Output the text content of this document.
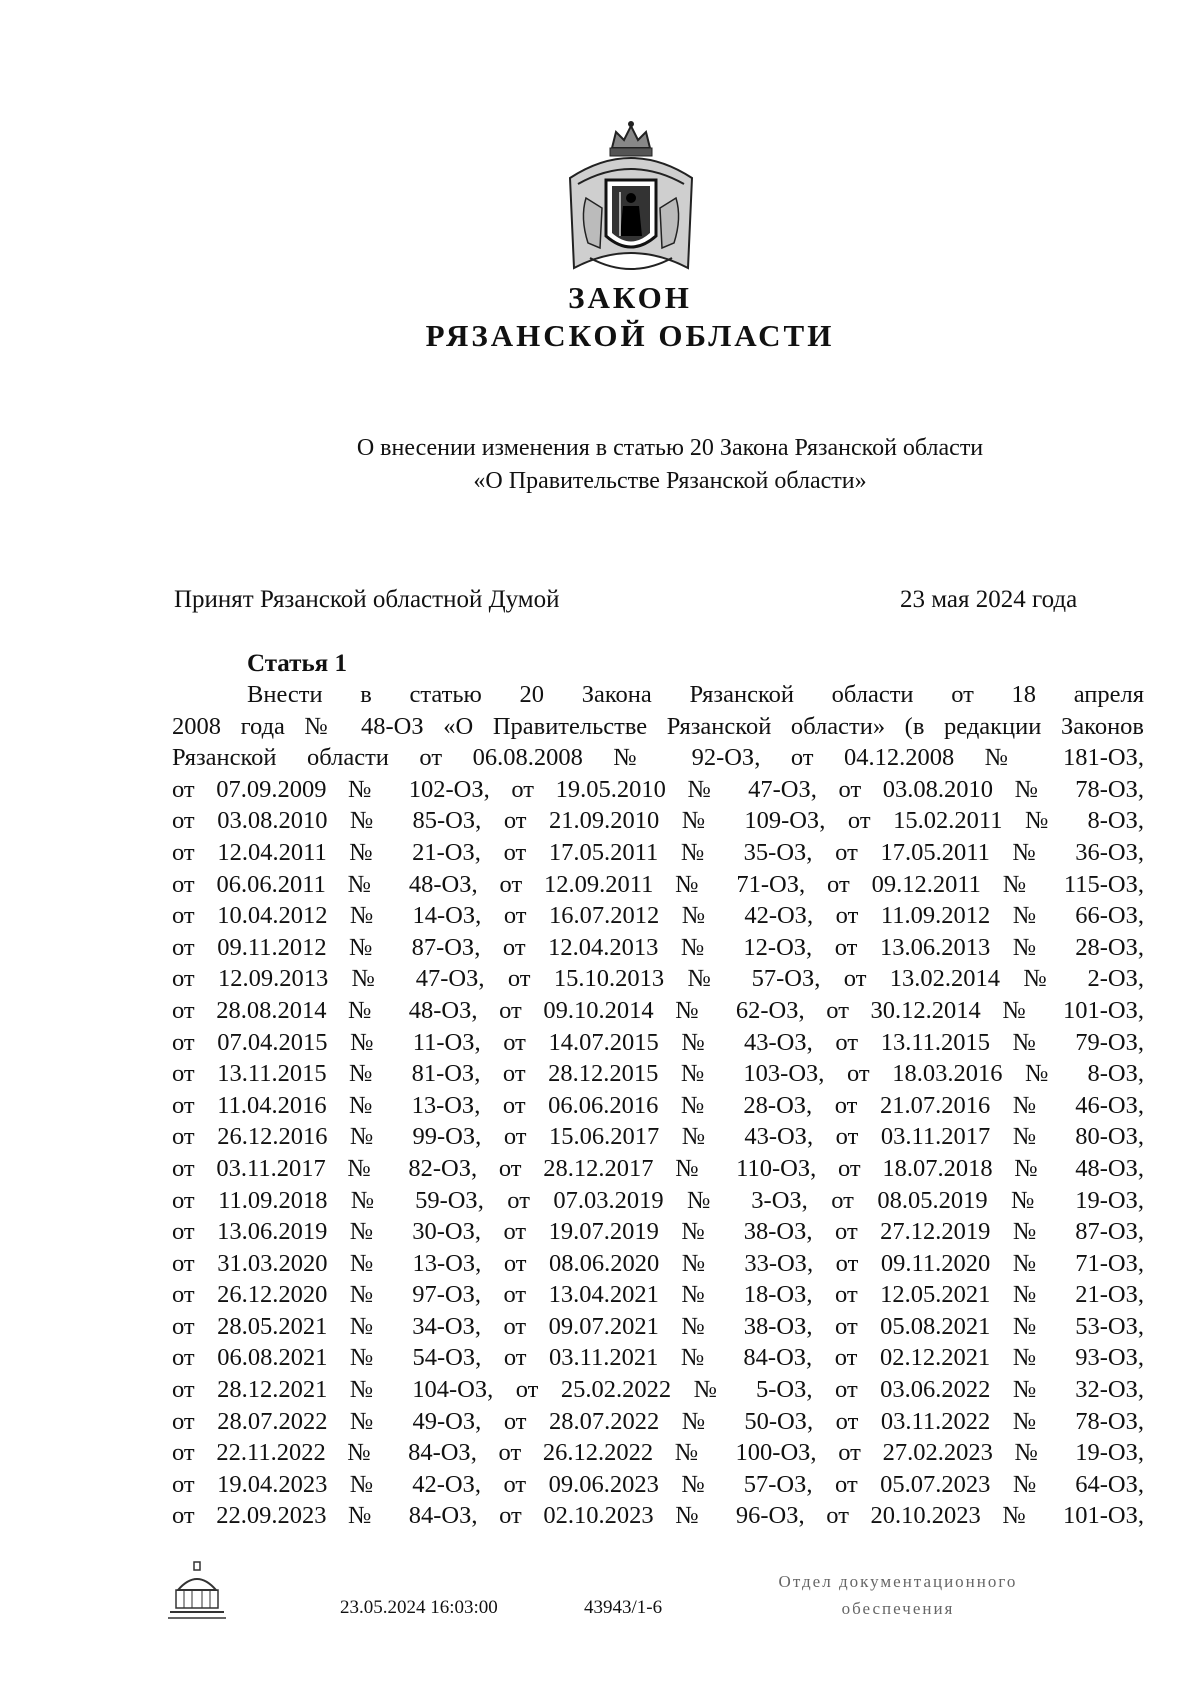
ЗАКОН
РЯЗАНСКОЙ ОБЛАСТИ
О внесении изменения в статью 20 Закона Рязанской области
«О Правительстве Рязанской области»
Принят Рязанской областной Думой	23 мая 2024 года
Статья 1
Внести в статью 20 Закона Рязанской области от 18 апреля
2008 года № 48-ОЗ «О Правительстве Рязанской области» (в редакции Законов
Рязанской области от 06.08.2008 № 92-ОЗ, от 04.12.2008 № 181-ОЗ,
от 07.09.2009 № 102-ОЗ, от 19.05.2010 № 47-ОЗ, от 03.08.2010 № 78-ОЗ,
от 03.08.2010 № 85-ОЗ, от 21.09.2010 № 109-ОЗ, от 15.02.2011 № 8-ОЗ,
от 12.04.2011 № 21-ОЗ, от 17.05.2011 № 35-ОЗ, от 17.05.2011 № 36-ОЗ,
от 06.06.2011 № 48-ОЗ, от 12.09.2011 № 71-ОЗ, от 09.12.2011 № 115-ОЗ,
от 10.04.2012 № 14-ОЗ, от 16.07.2012 № 42-ОЗ, от 11.09.2012 № 66-ОЗ,
от 09.11.2012 № 87-ОЗ, от 12.04.2013 № 12-ОЗ, от 13.06.2013 № 28-ОЗ,
от 12.09.2013 № 47-ОЗ, от 15.10.2013 № 57-ОЗ, от 13.02.2014 № 2-ОЗ,
от 28.08.2014 № 48-ОЗ, от 09.10.2014 № 62-ОЗ, от 30.12.2014 № 101-ОЗ,
от 07.04.2015 № 11-ОЗ, от 14.07.2015 № 43-ОЗ, от 13.11.2015 № 79-ОЗ,
от 13.11.2015 № 81-ОЗ, от 28.12.2015 № 103-ОЗ, от 18.03.2016 № 8-ОЗ,
от 11.04.2016 № 13-ОЗ, от 06.06.2016 № 28-ОЗ, от 21.07.2016 № 46-ОЗ,
от 26.12.2016 № 99-ОЗ, от 15.06.2017 № 43-ОЗ, от 03.11.2017 № 80-ОЗ,
от 03.11.2017 № 82-ОЗ, от 28.12.2017 № 110-ОЗ, от 18.07.2018 № 48-ОЗ,
от 11.09.2018 № 59-ОЗ, от 07.03.2019 № 3-ОЗ, от 08.05.2019 № 19-ОЗ,
от 13.06.2019 № 30-ОЗ, от 19.07.2019 № 38-ОЗ, от 27.12.2019 № 87-ОЗ,
от 31.03.2020 № 13-ОЗ, от 08.06.2020 № 33-ОЗ, от 09.11.2020 № 71-ОЗ,
от 26.12.2020 № 97-ОЗ, от 13.04.2021 № 18-ОЗ, от 12.05.2021 № 21-ОЗ,
от 28.05.2021 № 34-ОЗ, от 09.07.2021 № 38-ОЗ, от 05.08.2021 № 53-ОЗ,
от 06.08.2021 № 54-ОЗ, от 03.11.2021 № 84-ОЗ, от 02.12.2021 № 93-ОЗ,
от 28.12.2021 № 104-ОЗ, от 25.02.2022 № 5-ОЗ, от 03.06.2022 № 32-ОЗ,
от 28.07.2022 № 49-ОЗ, от 28.07.2022 № 50-ОЗ, от 03.11.2022 № 78-ОЗ,
от 22.11.2022 № 84-ОЗ, от 26.12.2022 № 100-ОЗ, от 27.02.2023 № 19-ОЗ,
от 19.04.2023 № 42-ОЗ, от 09.06.2023 № 57-ОЗ, от 05.07.2023 № 64-ОЗ,
от 22.09.2023 № 84-ОЗ, от 02.10.2023 № 96-ОЗ, от 20.10.2023 № 101-ОЗ,
23.05.2024 16:03:00	43943/1-6
Отдел документационного
обеспечения
